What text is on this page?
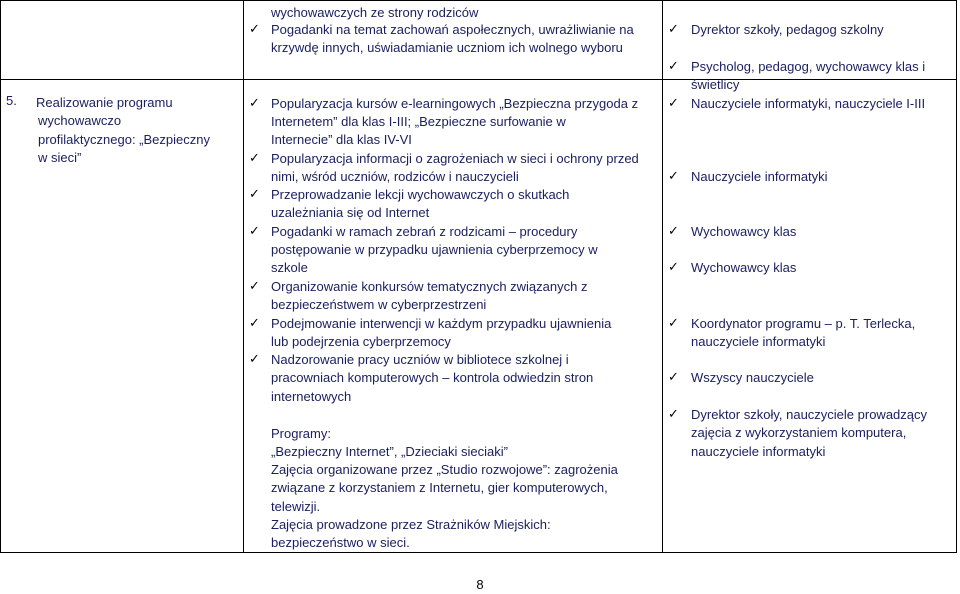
5. Realizowanie programu
wychowawczo
profilaktycznego: „Bezpieczny
w sieci”
wychowawczych ze strony rodziców
✓ Pogadanki na temat zachowań aspołecznych, uwrażliwianie na
krzywdę innych, uświadamianie uczniom ich wolnego wyboru
✓ Dyrektor szkoły, pedagog szkolny
✓ Psycholog, pedagog, wychowawcy klas i
świetlicy
✓ Popularyzacja kursów e-learningowych „Bezpieczna przygoda z
Internetem” dla klas I-III; „Bezpieczne surfowanie w
Internecie” dla klas IV-VI
✓ Popularyzacja informacji o zagrożeniach w sieci i ochrony przed
nimi, wśród uczniów, rodziców i nauczycieli
✓ Przeprowadzanie lekcji wychowawczych o skutkach
uzależniania się od Internet
✓ Pogadanki w ramach zebrań z rodzicami – procedury
postępowanie w przypadku ujawnienia cyberprzemocy w
szkole
✓ Organizowanie konkursów tematycznych związanych z
bezpieczeństwem w cyberprzestrzeni
✓ Podejmowanie interwencji w każdym przypadku ujawnienia
lub podejrzenia cyberprzemocy
✓ Nadzorowanie pracy uczniów w bibliotece szkolnej i
pracowniach komputerowych – kontrola odwiedzin stron
internetowych
Programy:
„Bezpieczny Internet”, „Dzieciaki sieciaki”
Zajęcia organizowane przez „Studio rozwojowe”: zagrożenia
związane z korzystaniem z Internetu, gier komputerowych,
telewizji.
Zajęcia prowadzone przez Strażników Miejskich:
bezpieczeństwo w sieci.
✓ Nauczyciele informatyki, nauczyciele I-III
✓ Nauczyciele informatyki
✓ Wychowawcy klas
✓ Wychowawcy klas
✓ Koordynator programu – p. T. Terlecka,
nauczyciele informatyki
✓ Wszyscy nauczyciele
✓ Dyrektor szkoły, nauczyciele prowadzący
zajęcia z wykorzystaniem komputera,
nauczyciele informatyki
8
